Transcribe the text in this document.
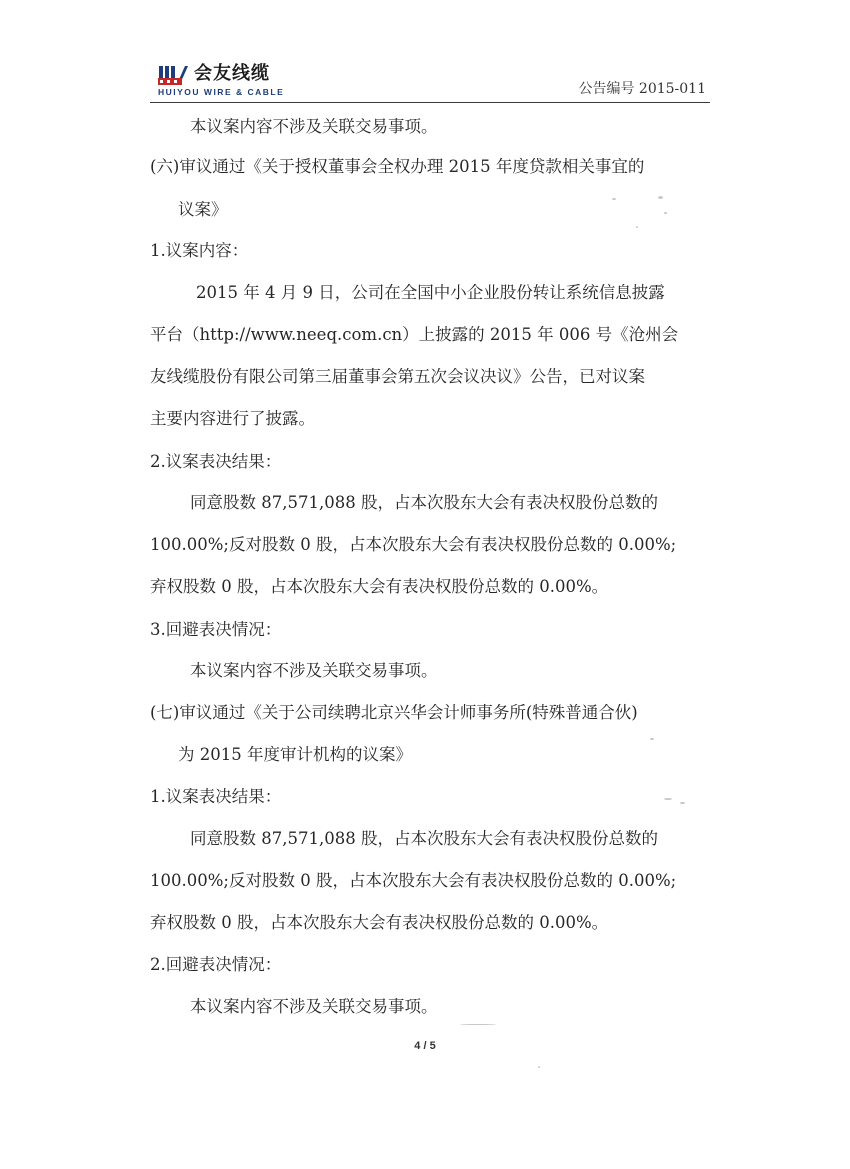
会友线缆
HUIYOU WIRE & CABLE	公告编号 2015-011
本议案内容不涉及关联交易事项。
(六)审议通过《关于授权董事会全权办理 2015 年度贷款相关事宜的
议案》
1.议案内容：
2015 年 4 月 9 日，公司在全国中小企业股份转让系统信息披露
平台（http://www.neeq.com.cn）上披露的 2015 年 006 号《沧州会
友线缆股份有限公司第三届董事会第五次会议决议》公告，已对议案
主要内容进行了披露。
2.议案表决结果：
同意股数 87,571,088 股，占本次股东大会有表决权股份总数的
100.00%;反对股数 0 股，占本次股东大会有表决权股份总数的 0.00%;
弃权股数 0 股，占本次股东大会有表决权股份总数的 0.00%。
3.回避表决情况：
本议案内容不涉及关联交易事项。
(七)审议通过《关于公司续聘北京兴华会计师事务所(特殊普通合伙)
为 2015 年度审计机构的议案》
1.议案表决结果：
同意股数 87,571,088 股，占本次股东大会有表决权股份总数的
100.00%;反对股数 0 股，占本次股东大会有表决权股份总数的 0.00%;
弃权股数 0 股，占本次股东大会有表决权股份总数的 0.00%。
2.回避表决情况：
本议案内容不涉及关联交易事项。
4 / 5
